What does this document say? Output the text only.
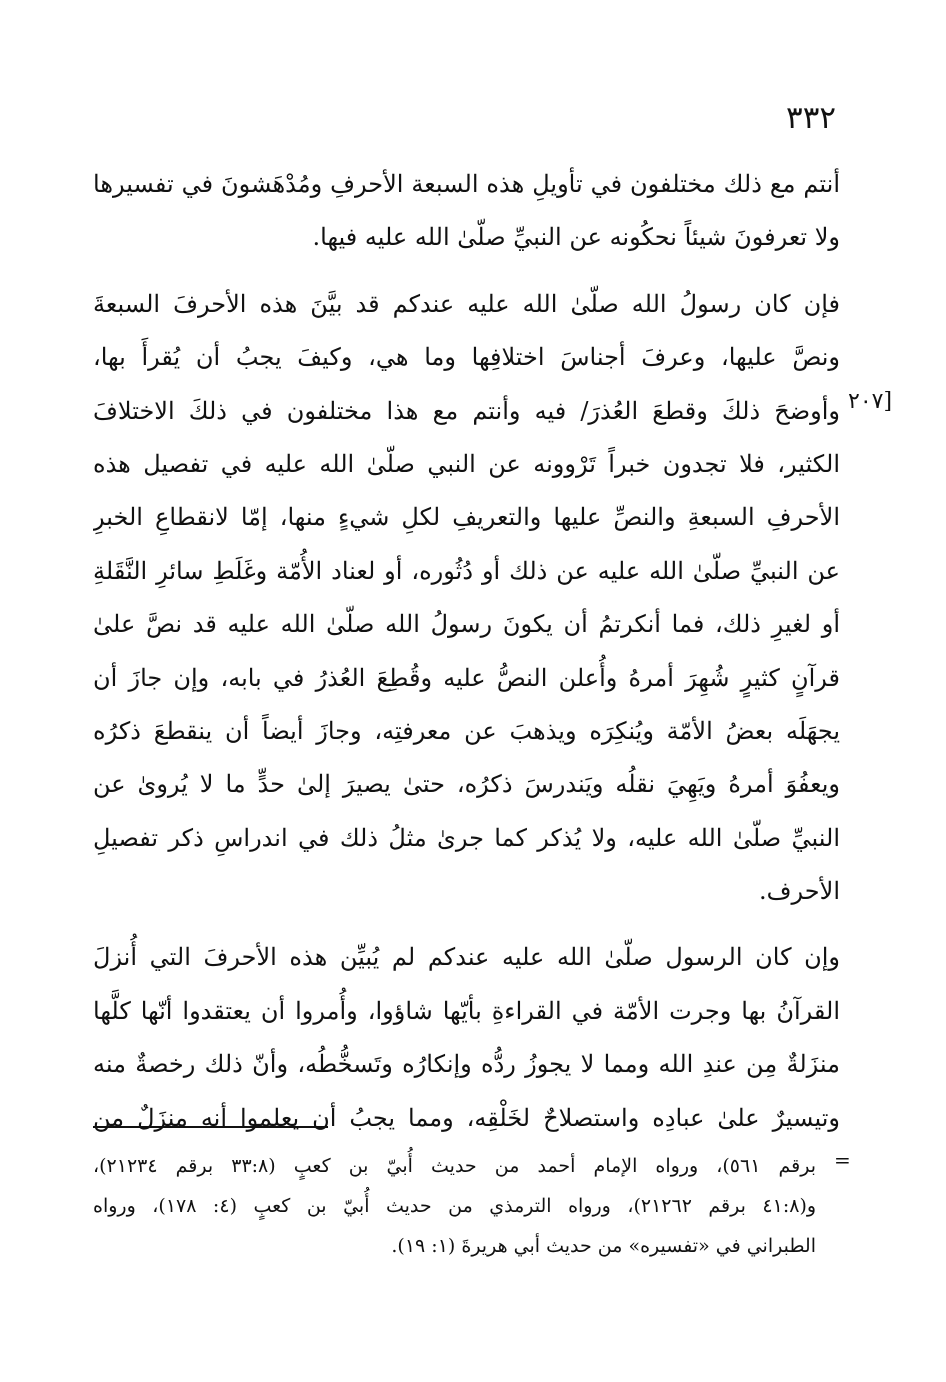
٣٣٢
[٢٠٧
أنتم مع ذلك مختلفون في تأويلِ هذه السبعة الأحرفِ ومُدْهَشونَ في تفسيرها
ولا تعرفونَ شيئاً نحكُونه عن النبيِّ صلّىٰ الله عليه فيها.
فإن كان رسولُ الله صلّىٰ الله عليه عندكم قد بيَّنَ هذه الأحرفَ السبعةَ
ونصَّ عليها، وعرفَ أجناسَ اختلافِها وما هي، وكيفَ يجبُ أن يُقرأَ بها،
وأوضحَ ذلكَ وقطعَ العُذرَ/ فيه وأنتم مع هذا مختلفون في ذلكَ الاختلافَ
الكثير، فلا تجدون خبراً تَرْوونه عن النبي صلّىٰ الله عليه في تفصيل هذه
الأحرفِ السبعةِ والنصِّ عليها والتعريفِ لكلِ شيءٍ منها، إمّا لانقطاعِ الخبرِ
عن النبيِّ صلّىٰ الله عليه عن ذلك أو دُثُوره، أو لعناد الأُمّة وغَلَطِ سائرِ النَّقَلةِ
أو لغيرِ ذلك، فما أنكرتمُ أن يكونَ رسولُ الله صلّىٰ الله عليه قد نصَّ علىٰ
قرآنٍ كثيرٍ شُهِرَ أمرهُ وأُعلن النصُّ عليه وقُطِعَ العُذرُ في بابه، وإن جازَ أن
يجهَلَه بعضُ الأمّة ويُنكِرَه ويذهبَ عن معرفتِه، وجازَ أيضاً أن ينقطعَ ذكرُه
ويعفُوَ أمرهُ ويَهِيَ نقلُه ويَندرسَ ذكرُه، حتىٰ يصيرَ إلىٰ حدٍّ ما لا يُروىٰ عن
النبيِّ صلّىٰ الله عليه، ولا يُذكر كما جرىٰ مثلُ ذلك في اندراسِ ذكر تفصيلِ
الأحرف.
وإن كان الرسول صلّىٰ الله عليه عندكم لم يُبيِّن هذه الأحرفَ التي أُنزلَ
القرآنُ بها وجرت الأمّة في القراءةِ بأيّها شاؤوا، وأُمروا أن يعتقدوا أنّها كلَّها
منزَلةٌ مِن عندِ الله ومما لا يجوزُ ردُّه وإنكارُه وتَسخُّطُه، وأنّ ذلك رخصةٌ منه
وتيسيرٌ علىٰ عبادِه واستصلاحٌ لخَلْقِه، ومما يجبُ أن يعلموا أنه منزَلٌ من
=
برقم ٥٦١)، ورواه الإمام أحمد من حديث أُبيّ بن كعبٍ (٣٣:٨ برقم ٢١٢٣٤)،
و(٤١:٨ برقم ٢١٢٦٢)، ورواه الترمذي من حديث أُبيّ بن كعبٍ (٤: ١٧٨)، ورواه
الطبراني في «تفسيره» من حديث أبي هريرةَ (١: ١٩).
